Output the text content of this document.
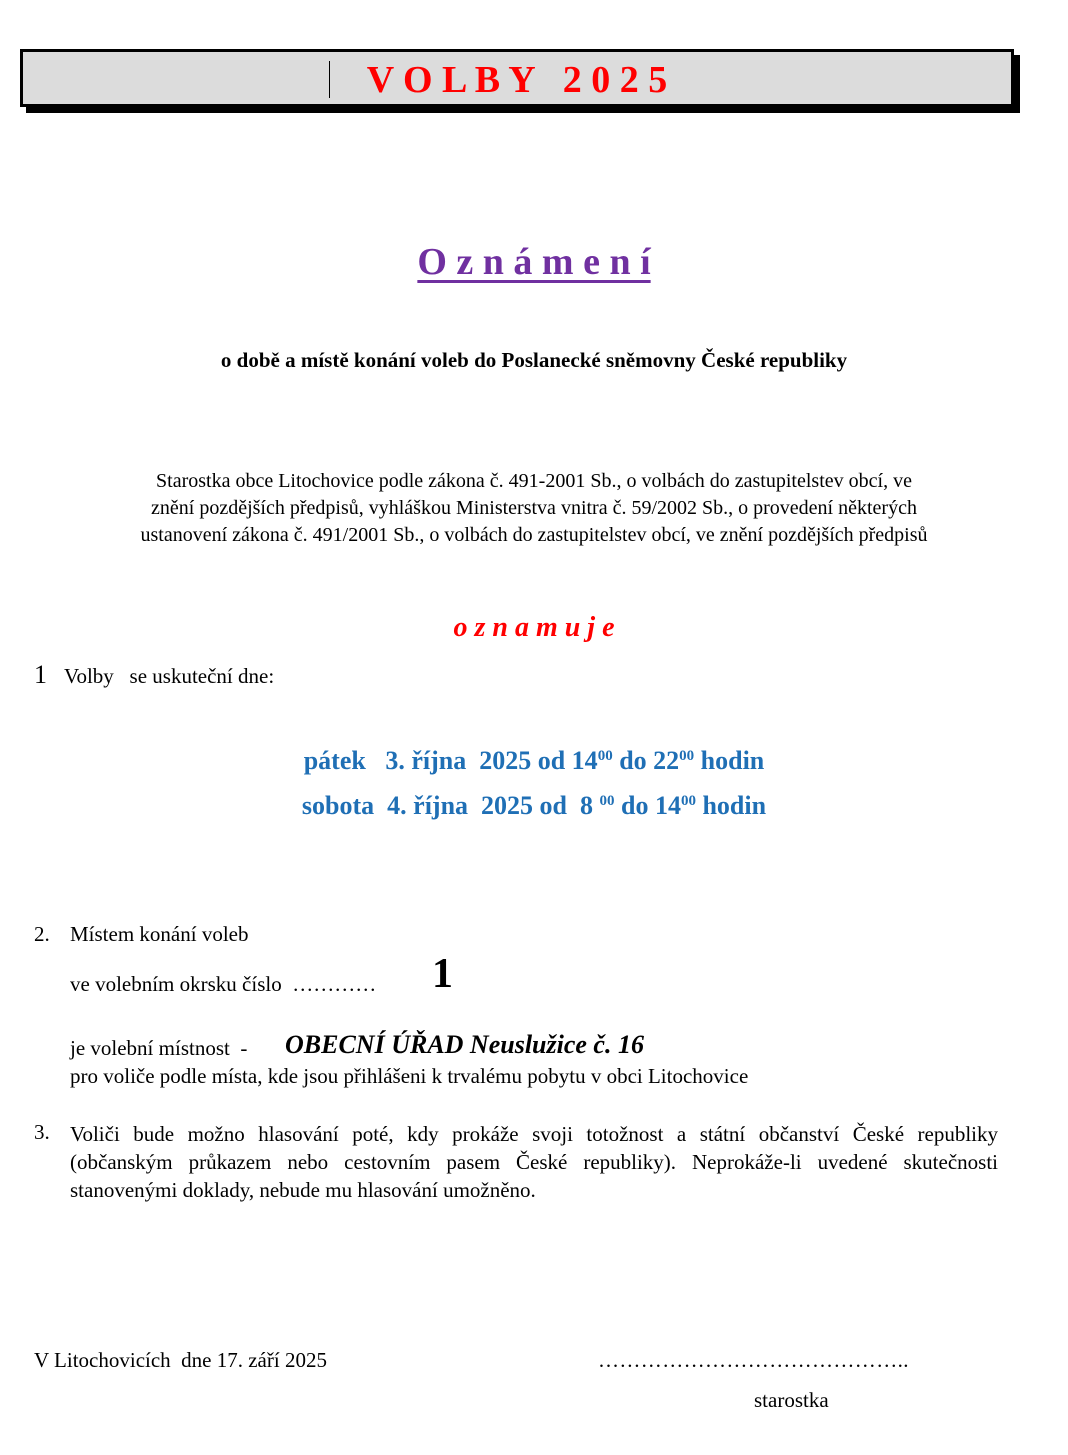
V O L B Y   2 0 2 5
O z n á m e n í
o době a místě konání voleb do Poslanecké sněmovny České republiky
Starostka obce Litochovice podle zákona č. 491-2001 Sb., o volbách do zastupitelstev obcí, ve
znění pozdějších předpisů, vyhláškou Ministerstva vnitra č. 59/2002 Sb., o provedení některých
ustanovení zákona č. 491/2001 Sb., o volbách do zastupitelstev obcí, ve znění pozdějších předpisů
o z n a m u j e
1 Volby   se uskuteční dne:
pátek   3. října  2025 od $14^{00}$ do $22^{00}$ hodin
sobota  4. října  2025 od  8 $^{00}$ do $14^{00}$ hodin
2. Místem konání voleb
ve volebním okrsku číslo  ………… 1
je volební místnost  - OBECNÍ ÚŘAD Neuslužice č. 16
pro voliče podle místa, kde jsou přihlášeni k trvalému pobytu v obci Litochovice
3. Voliči bude možno hlasování poté, kdy prokáže svoji totožnost a státní občanství České republiky (občanským průkazem nebo cestovním pasem České republiky). Neprokáže-li uvedené skutečnosti stanovenými doklady, nebude mu hlasování umožněno.
V Litochovicích  dne 17. září 2025	……………………………………..
starostka
